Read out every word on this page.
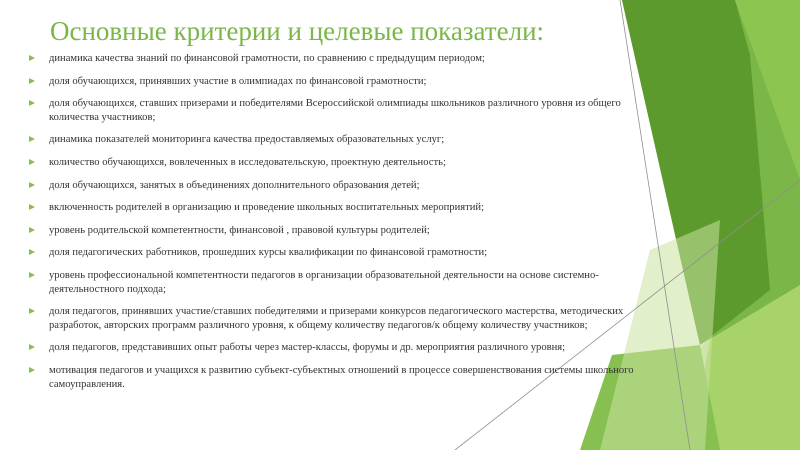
Основные критерии и целевые показатели:
динамика качества знаний по финансовой грамотности, по сравнению с предыдущим периодом;
доля обучающихся, принявших участие в олимпиадах по финансовой грамотности;
доля обучающихся, ставших призерами и победителями Всероссийской олимпиады школьников различного уровня из общего количества участников;
динамика показателей мониторинга качества предоставляемых образовательных услуг;
количество обучающихся, вовлеченных в исследовательскую, проектную деятельность;
доля обучающихся, занятых в объединениях дополнительного образования детей;
включенность родителей в организацию и проведение школьных воспитательных мероприятий;
уровень родительской компетентности, финансовой , правовой культуры родителей;
доля педагогических работников, прошедших курсы квалификации по финансовой грамотности;
уровень профессиональной компетентности педагогов в организации образовательной деятельности на основе системно-деятельностного подхода;
доля педагогов, принявших участие/ставших победителями и призерами конкурсов педагогического мастерства, методических разработок, авторских программ различного уровня, к общему количеству педагогов/к общему количеству участников;
доля педагогов, представивших опыт работы через мастер-классы, форумы и др. мероприятия различного уровня;
мотивация педагогов и учащихся к развитию субъект-субъектных отношений в процессе совершенствования системы школьного самоуправления.
